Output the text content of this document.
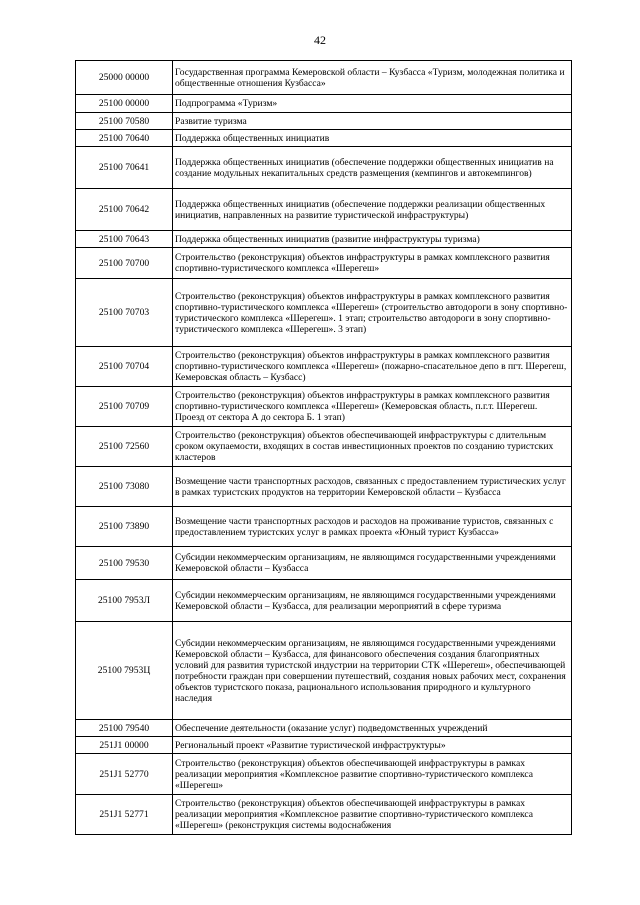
42
25000 00000	Государственная программа Кемеровской области – Кузбасса «Туризм, молодежная политика и общественные отношения Кузбасса»
25100 00000	Подпрограмма «Туризм»
25100 70580	Развитие туризма
25100 70640	Поддержка общественных инициатив
25100 70641	Поддержка общественных инициатив (обеспечение поддержки общественных инициатив на создание модульных некапитальных средств размещения (кемпингов и автокемпингов)
25100 70642	Поддержка общественных инициатив (обеспечение поддержки реализации общественных инициатив, направленных на развитие туристической инфраструктуры)
25100 70643	Поддержка общественных инициатив (развитие инфраструктуры туризма)
25100 70700	Строительство (реконструкция) объектов инфраструктуры в рамках комплексного развития спортивно-туристического комплекса «Шерегеш»
25100 70703	Строительство (реконструкция) объектов инфраструктуры в рамках комплексного развития спортивно-туристического комплекса «Шерегеш» (строительство автодороги в зону спортивно-туристического комплекса «Шерегеш». 1 этап; строительство автодороги в зону спортивно-туристического комплекса «Шерегеш». 3 этап)
25100 70704	Строительство (реконструкция) объектов инфраструктуры в рамках комплексного развития спортивно-туристического комплекса «Шерегеш» (пожарно-спасательное депо в пгт. Шерегеш, Кемеровская область – Кузбасс)
25100 70709	Строительство (реконструкция) объектов инфраструктуры в рамках комплексного развития спортивно-туристического комплекса «Шерегеш» (Кемеровская область, п.г.т. Шерегеш. Проезд от сектора А до сектора Б. 1 этап)
25100 72560	Строительство (реконструкция) объектов обеспечивающей инфраструктуры с длительным сроком окупаемости, входящих в состав инвестиционных проектов по созданию туристских кластеров
25100 73080	Возмещение части транспортных расходов, связанных с предоставлением туристических услуг в рамках туристских продуктов на территории Кемеровской области – Кузбасса
25100 73890	Возмещение части транспортных расходов и расходов на проживание туристов, связанных с предоставлением туристских услуг в рамках проекта «Юный турист Кузбасса»
25100 79530	Субсидии некоммерческим организациям, не являющимся государственными учреждениями Кемеровской области – Кузбасса
25100 7953Л	Субсидии некоммерческим организациям, не являющимся государственными учреждениями Кемеровской области – Кузбасса, для реализации мероприятий в сфере туризма
25100 7953Ц	Субсидии некоммерческим организациям, не являющимся государственными учреждениями Кемеровской области – Кузбасса, для финансового обеспечения создания благоприятных условий для развития туристской индустрии на территории СТК «Шерегеш», обеспечивающей потребности граждан при совершении путешествий, создания новых рабочих мест, сохранения объектов туристского показа, рационального использования природного и культурного наследия
25100 79540	Обеспечение деятельности (оказание услуг) подведомственных учреждений
251J1 00000	Региональный проект «Развитие туристической инфраструктуры»
251J1 52770	Строительство (реконструкция) объектов обеспечивающей инфраструктуры в рамках реализации мероприятия «Комплексное развитие спортивно-туристического комплекса «Шерегеш»
251J1 52771	Строительство (реконструкция) объектов обеспечивающей инфраструктуры в рамках реализации мероприятия «Комплексное развитие спортивно-туристического комплекса «Шерегеш» (реконструкция системы водоснабжения
